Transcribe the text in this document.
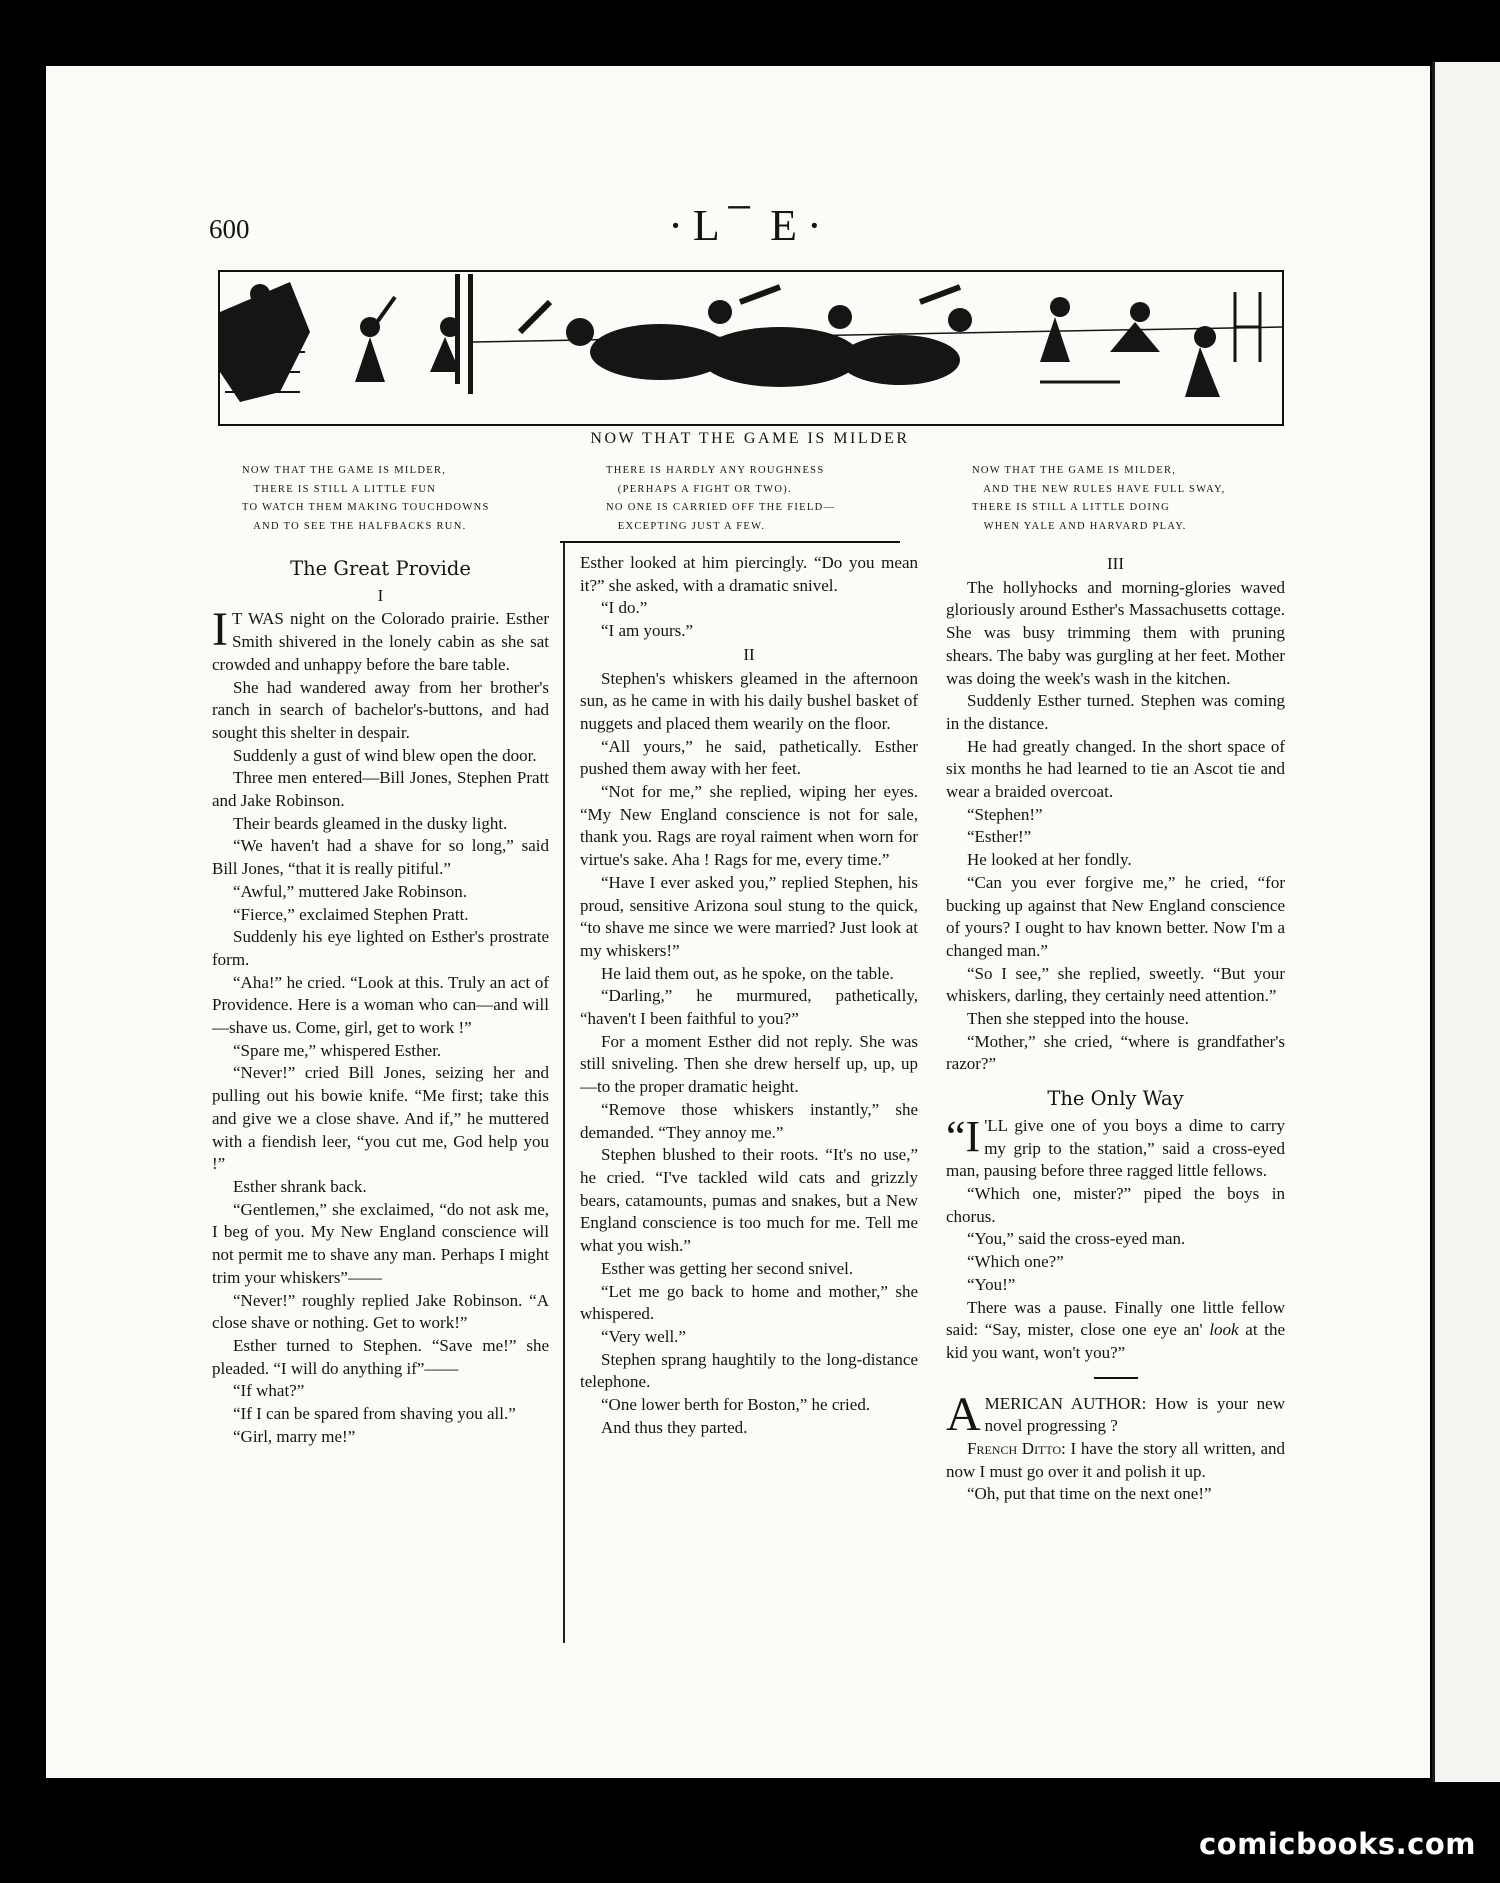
600	·L ̅ E·
NOW THAT THE GAME IS MILDER
NOW THAT THE GAME IS MILDER,
THERE IS STILL A LITTLE FUN
TO WATCH THEM MAKING TOUCHDOWNS
AND TO SEE THE HALFBACKS RUN.
THERE IS HARDLY ANY ROUGHNESS
(PERHAPS A FIGHT OR TWO).
NO ONE IS CARRIED OFF THE FIELD—
EXCEPTING JUST A FEW.
NOW THAT THE GAME IS MILDER,
AND THE NEW RULES HAVE FULL SWAY,
THERE IS STILL A LITTLE DOING
WHEN YALE AND HARVARD PLAY.

The Great Provide

I

I T WAS night on the Colorado prairie. Esther Smith shivered in the lonely cabin as she sat crowded and unhappy before the bare table.

She had wandered away from her brother's ranch in search of bachelor's-buttons, and had sought this shelter in despair.

Suddenly a gust of wind blew open the door.

Three men entered—Bill Jones, Stephen Pratt and Jake Robinson.

Their beards gleamed in the dusky light.

“We haven't had a shave for so long,” said Bill Jones, “that it is really pitiful.”

“Awful,” muttered Jake Robinson.

“Fierce,” exclaimed Stephen Pratt.

Suddenly his eye lighted on Esther's prostrate form.

“Aha!” he cried. “Look at this. Truly an act of Providence. Here is a woman who can—and will—shave us. Come, girl, get to work !”

“Spare me,” whispered Esther.

“Never!” cried Bill Jones, seizing her and pulling out his bowie knife. “Me first; take this and give we a close shave. And if,” he muttered with a fiendish leer, “you cut me, God help you !”

Esther shrank back.

“Gentlemen,” she exclaimed, “do not ask me, I beg of you. My New England conscience will not permit me to shave any man. Perhaps I might trim your whiskers”——

“Never!” roughly replied Jake Robinson. “A close shave or nothing. Get to work!”

Esther turned to Stephen. “Save me!” she pleaded. “I will do anything if”——

“If what?”

“If I can be spared from shaving you all.”

“Girl, marry me!”

Esther looked at him piercingly. “Do you mean it?” she asked, with a dramatic snivel.

“I do.”

“I am yours.”

II

Stephen's whiskers gleamed in the afternoon sun, as he came in with his daily bushel basket of nuggets and placed them wearily on the floor.

“All yours,” he said, pathetically. Esther pushed them away with her feet.

“Not for me,” she replied, wiping her eyes. “My New England conscience is not for sale, thank you. Rags are royal raiment when worn for virtue's sake. Aha ! Rags for me, every time.”

“Have I ever asked you,” replied Stephen, his proud, sensitive Arizona soul stung to the quick, “to shave me since we were married? Just look at my whiskers!”

He laid them out, as he spoke, on the table.

“Darling,” he murmured, pathetically, “haven't I been faithful to you?”

For a moment Esther did not reply. She was still sniveling. Then she drew herself up, up, up—to the proper dramatic height.

“Remove those whiskers instantly,” she demanded. “They annoy me.”

Stephen blushed to their roots. “It's no use,” he cried. “I've tackled wild cats and grizzly bears, catamounts, pumas and snakes, but a New England conscience is too much for me. Tell me what you wish.”

Esther was getting her second snivel.

“Let me go back to home and mother,” she whispered.

“Very well.”

Stephen sprang haughtily to the long-distance telephone.

“One lower berth for Boston,” he cried.

And thus they parted.

III

The hollyhocks and morning-glories waved gloriously around Esther's Massachusetts cottage. She was busy trimming them with pruning shears. The baby was gurgling at her feet. Mother was doing the week's wash in the kitchen.

Suddenly Esther turned. Stephen was coming in the distance.

He had greatly changed. In the short space of six months he had learned to tie an Ascot tie and wear a braided overcoat.

“Stephen!”

“Esther!”

He looked at her fondly.

“Can you ever forgive me,” he cried, “for bucking up against that New England conscience of yours? I ought to hav known better. Now I'm a changed man.”

“So I see,” she replied, sweetly. “But your whiskers, darling, they certainly need attention.”

Then she stepped into the house.

“Mother,” she cried, “where is grandfather's razor?”

The Only Way

“I 'LL give one of you boys a dime to carry my grip to the station,” said a cross-eyed man, pausing before three ragged little fellows.

“Which one, mister?” piped the boys in chorus.

“You,” said the cross-eyed man.

“Which one?”

“You!”

There was a pause. Finally one little fellow said: “Say, mister, close one eye an' look at the kid you want, won't you?”

AMERICAN AUTHOR: How is your new novel progressing ?

French Ditto: I have the story all written, and now I must go over it and polish it up.

“Oh, put that time on the next one!”

comicbooks.com
